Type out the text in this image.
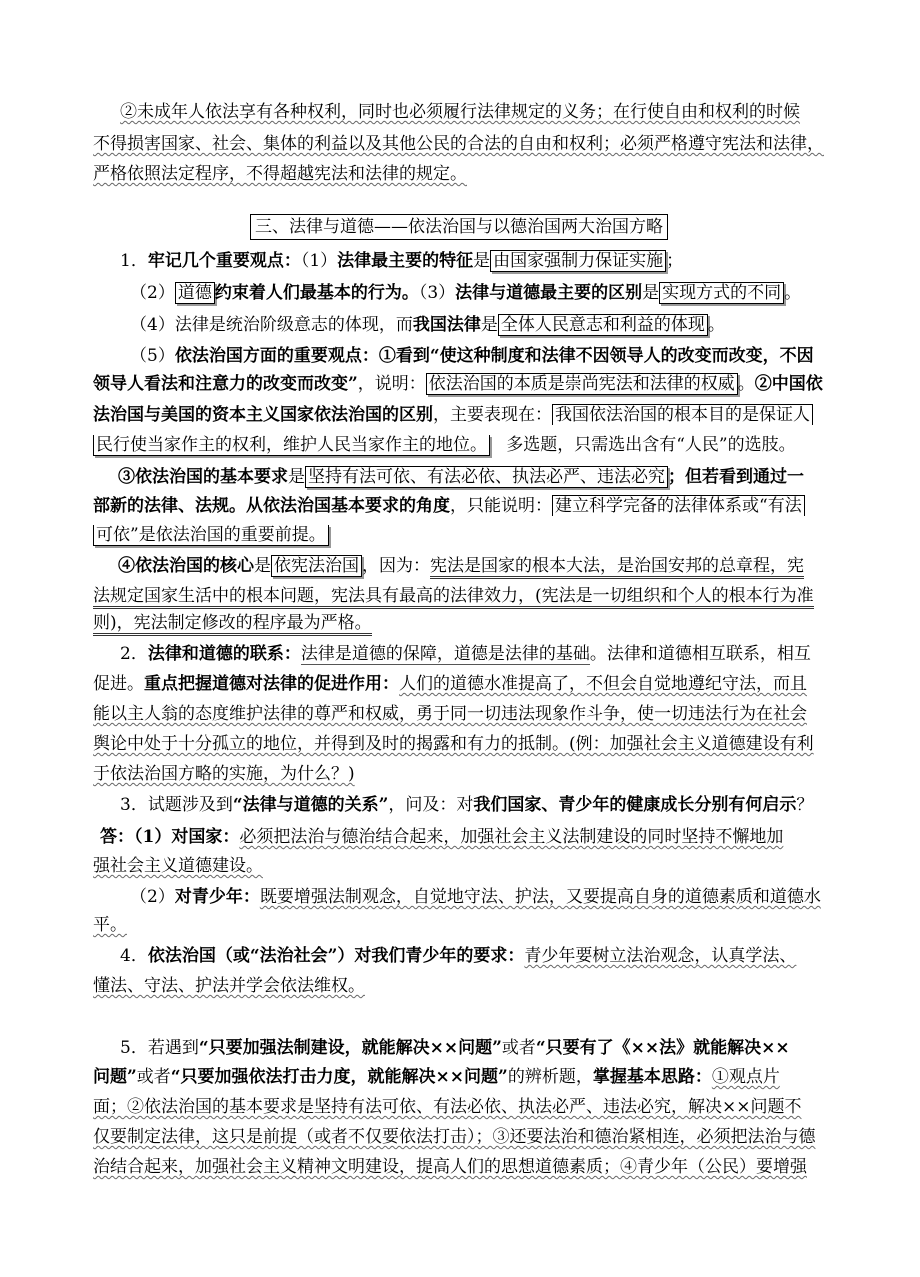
②未成年人依法享有各种权利，同时也必须履行法律规定的义务；在行使自由和权利的时候
不得损害国家、社会、集体的利益以及其他公民的合法的自由和权利；必须严格遵守宪法和法律，
严格依照法定程序，不得超越宪法和法律的规定。
三、法律与道德——依法治国与以德治国两大治国方略
1．牢记几个重要观点：（1）法律最主要的特征是 由国家强制力保证实施 ；
（2） 道德 约束着人们最基本的行为。（3）法律与道德最主要的区别是 实现方式的不同 。
（4）法律是统治阶级意志的体现，而我国法律是 全体人民意志和利益的体现 。
（5）依法治国方面的重要观点：①看到“使这种制度和法律不因领导人的改变而改变，不因
领导人看法和注意力的改变而改变”，说明： 依法治国的本质是崇尚宪法和法律的权威 。②中国依
法治国与美国的资本主义国家依法治国的区别，主要表现在： 我国依法治国的根本目的是保证人
民行使当家作主的权利，维护人民当家作主的地位。 多选题，只需选出含有“人民”的选肢。
③依法治国的基本要求是 坚持有法可依、有法必依、执法必严、违法必究 ；但若看到通过一
部新的法律、法规。从依法治国基本要求的角度，只能说明： 建立科学完备的法律体系或“有法
可依”是依法治国的重要前提。
④依法治国的核心是 依宪法治国 ，因为：宪法是国家的根本大法，是治国安邦的总章程，宪
法规定国家生活中的根本问题，宪法具有最高的法律效力，(宪法是一切组织和个人的根本行为准
则)，宪法制定修改的程序最为严格。
2．法律和道德的联系：法律是道德的保障，道德是法律的基础。法律和道德相互联系，相互
促进。重点把握道德对法律的促进作用：人们的道德水准提高了，不但会自觉地遵纪守法，而且
能以主人翁的态度维护法律的尊严和权威，勇于同一切违法现象作斗争，使一切违法行为在社会
舆论中处于十分孤立的地位，并得到及时的揭露和有力的抵制。(例：加强社会主义道德建设有利
于依法治国方略的实施，为什么？)
3．试题涉及到“法律与道德的关系”，问及：对我们国家、青少年的健康成长分别有何启示？
答：（1）对国家：必须把法治与德治结合起来，加强社会主义法制建设的同时坚持不懈地加
强社会主义道德建设。
（2）对青少年：既要增强法制观念，自觉地守法、护法，又要提高自身的道德素质和道德水
平。
4．依法治国（或“法治社会”）对我们青少年的要求：青少年要树立法治观念，认真学法、
懂法、守法、护法并学会依法维权。
5．若遇到“只要加强法制建设，就能解决××问题”或者“只要有了《××法》就能解决××
问题”或者“只要加强依法打击力度，就能解决××问题”的辨析题，掌握基本思路：①观点片
面；②依法治国的基本要求是坚持有法可依、有法必依、执法必严、违法必究，解决××问题不
仅要制定法律，这只是前提（或者不仅要依法打击）；③还要法治和德治紧相连，必须把法治与德
治结合起来，加强社会主义精神文明建设，提高人们的思想道德素质；④青少年（公民）要增强
